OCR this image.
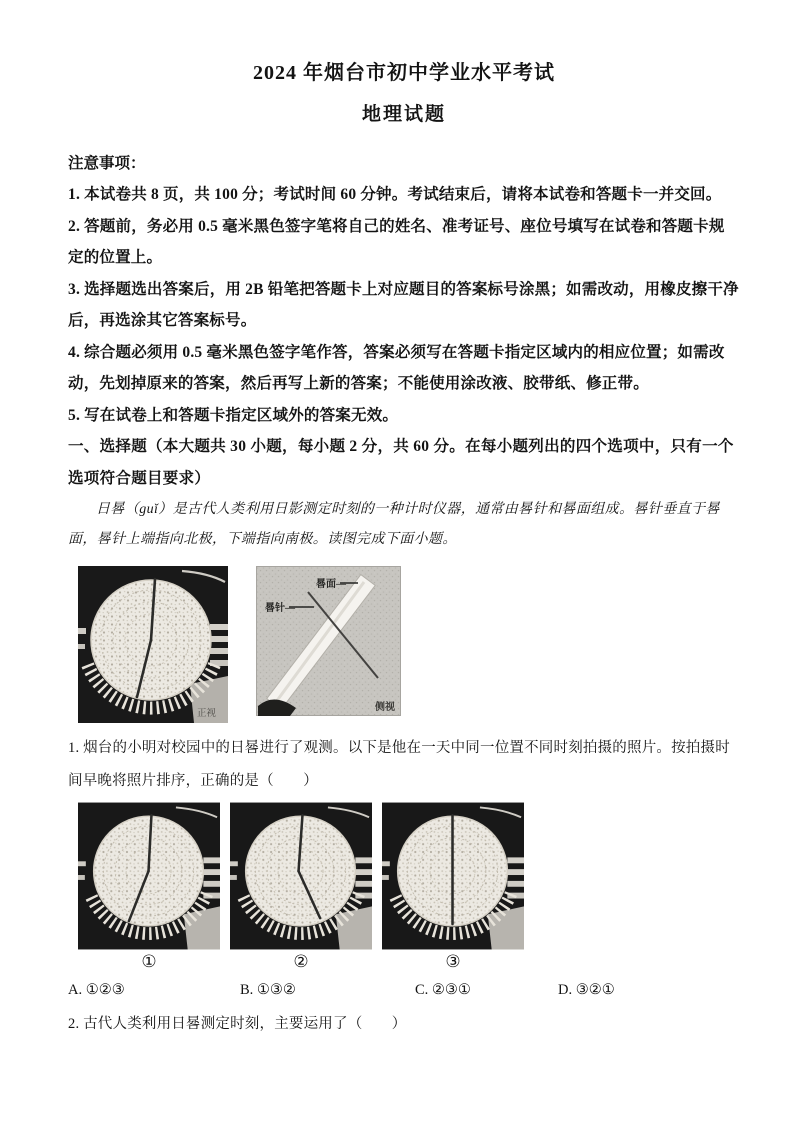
2024 年烟台市初中学业水平考试
地理试题
注意事项：

1. 本试卷共 8 页，共 100 分；考试时间 60 分钟。考试结束后，请将本试卷和答题卡一并交回。

2. 答题前，务必用 0.5 毫米黑色签字笔将自己的姓名、准考证号、座位号填写在试卷和答题卡规定的位置上。

3. 选择题选出答案后，用 2B 铅笔把答题卡上对应题目的答案标号涂黑；如需改动，用橡皮擦干净后，再选涂其它答案标号。

4. 综合题必须用 0.5 毫米黑色签字笔作答，答案必须写在答题卡指定区域内的相应位置；如需改动，先划掉原来的答案，然后再写上新的答案；不能使用涂改液、胶带纸、修正带。

5. 写在试卷上和答题卡指定区域外的答案无效。

一、选择题（本大题共 30 小题，每小题 2 分，共 60 分。在每小题列出的四个选项中，只有一个选项符合题目要求）

日晷（guǐ）是古代人类利用日影测定时刻的一种计时仪器，通常由晷针和晷面组成。晷针垂直于晷面，晷针上端指向北极，下端指向南极。读图完成下面小题。

正视
晷面—
晷针—
侧视

1. 烟台的小明对校园中的日晷进行了观测。以下是他在一天中同一位置不同时刻拍摄的照片。按拍摄时间早晚将照片排序，正确的是（　　）

①	②	③
A. ①②③	B. ①③②	C. ②③①	D. ③②①

2. 古代人类利用日晷测定时刻，主要运用了（　　）
